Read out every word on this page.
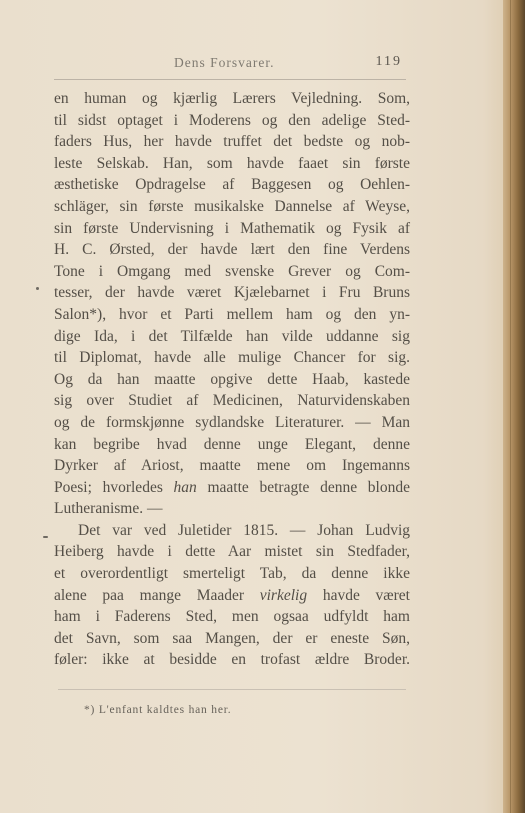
Dens Forsvarer.	119
en human og kjærlig Lærers Vejledning. Som,
til sidst optaget i Moderens og den adelige Sted-
faders Hus, her havde truffet det bedste og nob-
leste Selskab. Han, som havde faaet sin første
æsthetiske Opdragelse af Baggesen og Oehlen-
schläger, sin første musikalske Dannelse af Weyse,
sin første Undervisning i Mathematik og Fysik af
H. C. Ørsted, der havde lært den fine Verdens
Tone i Omgang med svenske Grever og Com-
tesser, der havde været Kjælebarnet i Fru Bruns
Salon*), hvor et Parti mellem ham og den yn-
dige Ida, i det Tilfælde han vilde uddanne sig
til Diplomat, havde alle mulige Chancer for sig.
Og da han maatte opgive dette Haab, kastede
sig over Studiet af Medicinen, Naturvidenskaben
og de formskjønne sydlandske Literaturer. — Man
kan begribe hvad denne unge Elegant, denne
Dyrker af Ariost, maatte mene om Ingemanns
Poesi; hvorledes han maatte betragte denne blonde
Lutheranisme. —
Det var ved Juletider 1815. — Johan Ludvig
Heiberg havde i dette Aar mistet sin Stedfader,
et overordentligt smerteligt Tab, da denne ikke
alene paa mange Maader virkelig havde været
ham i Faderens Sted, men ogsaa udfyldt ham
det Savn, som saa Mangen, der er eneste Søn,
føler: ikke at besidde en trofast ældre Broder.
*) L'enfant kaldtes han her.
